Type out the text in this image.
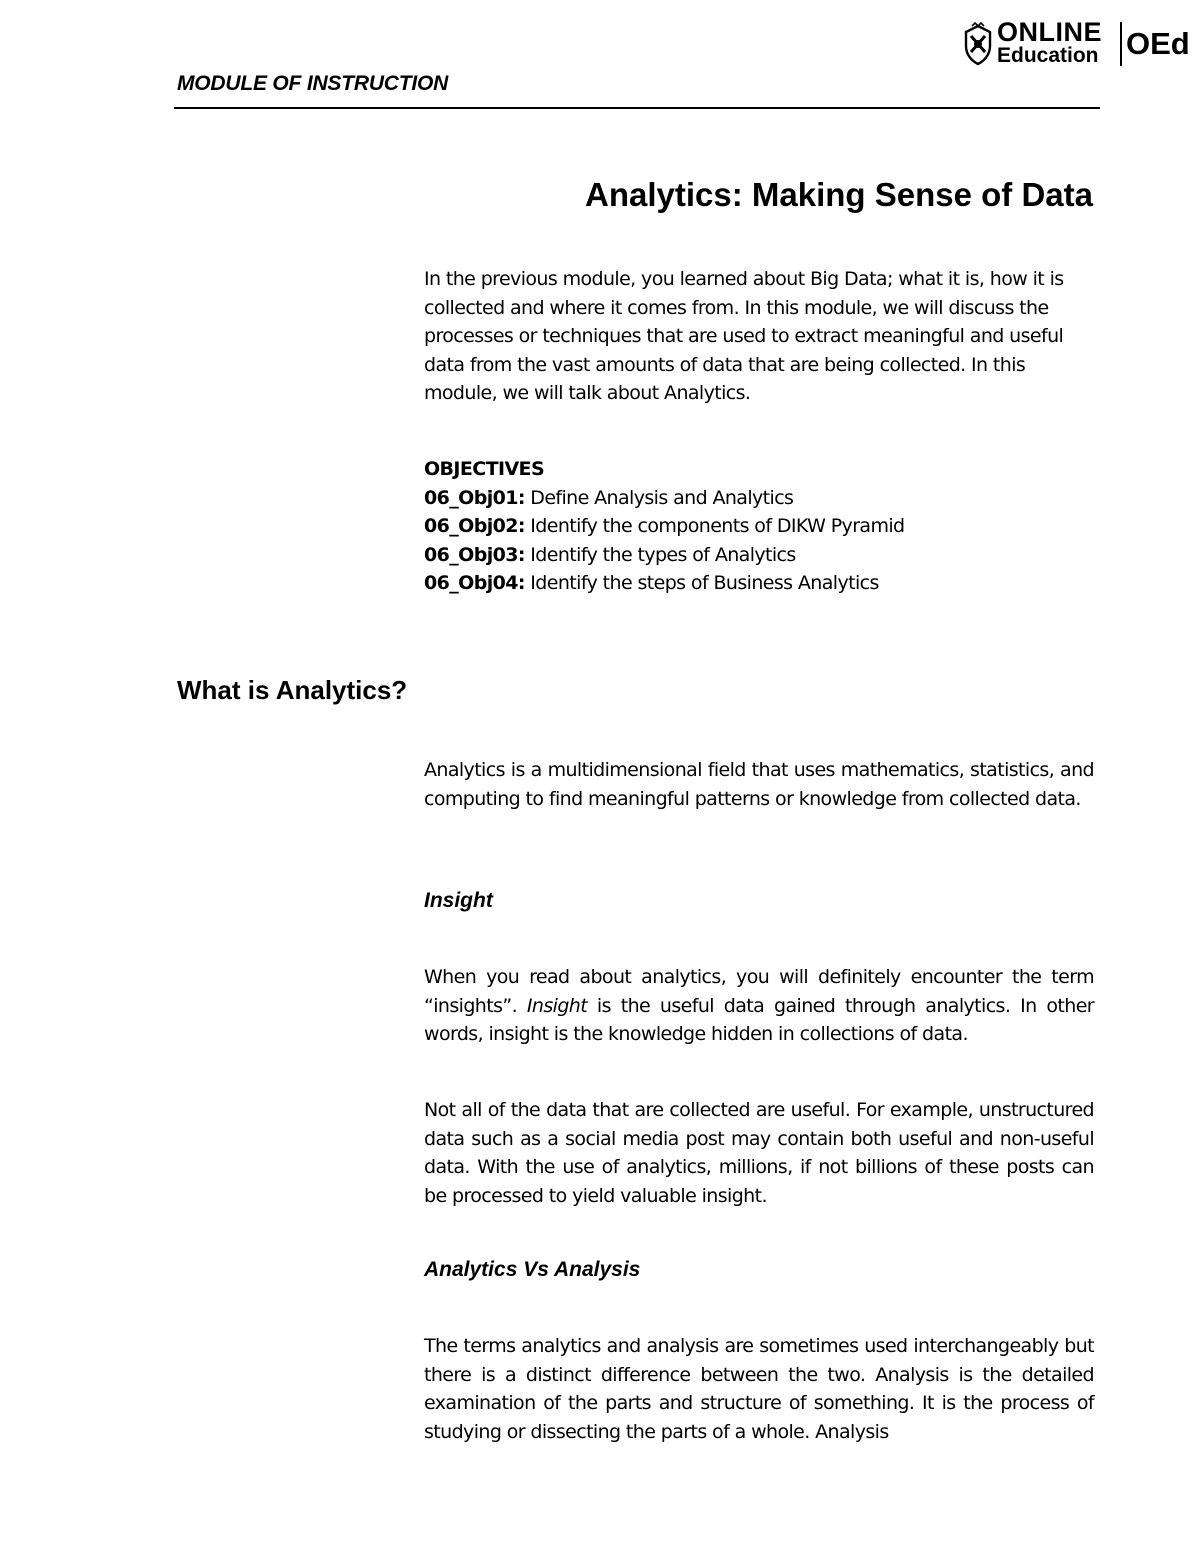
MODULE OF INSTRUCTION
ONLINE
Education OEd
Analytics: Making Sense of Data
In the previous module, you learned about Big Data; what it is, how it is collected and where it comes from. In this module, we will discuss the processes or techniques that are used to extract meaningful and useful data from the vast amounts of data that are being collected. In this module, we will talk about Analytics.
OBJECTIVES
06_Obj01: Define Analysis and Analytics
06_Obj02: Identify the components of DIKW Pyramid
06_Obj03: Identify the types of Analytics
06_Obj04: Identify the steps of Business Analytics
What is Analytics?
Analytics is a multidimensional field that uses mathematics, statistics, and computing to find meaningful patterns or knowledge from collected data.
Insight
When you read about analytics, you will definitely encounter the term “insights”. Insight is the useful data gained through analytics. In other words, insight is the knowledge hidden in collections of data.
Not all of the data that are collected are useful. For example, unstructured data such as a social media post may contain both useful and non-useful data. With the use of analytics, millions, if not billions of these posts can be processed to yield valuable insight.
Analytics Vs Analysis
The terms analytics and analysis are sometimes used interchangeably but there is a distinct difference between the two. Analysis is the detailed examination of the parts and structure of something. It is the process of studying or dissecting the parts of a whole. Analysis
